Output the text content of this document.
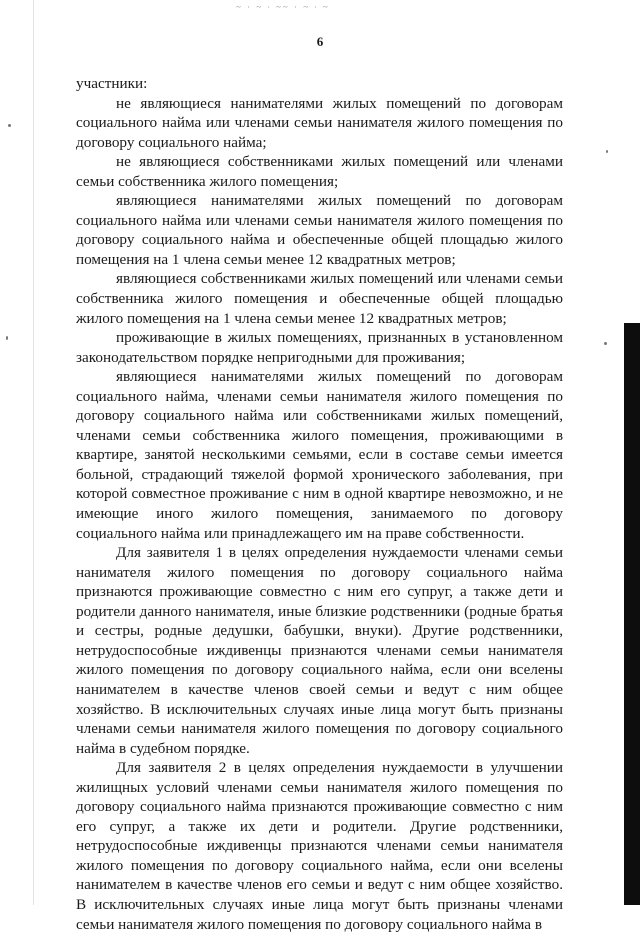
~ · ~ ∙ ~~ · ~ ∙ ~
6

участники:

не являющиеся нанимателями жилых помещений по договорам социального найма или членами семьи нанимателя жилого помещения по договору социального найма;

не являющиеся собственниками жилых помещений или членами семьи собственника жилого помещения;

являющиеся нанимателями жилых помещений по договорам социального найма или членами семьи нанимателя жилого помещения по договору социального найма и обеспеченные общей площадью жилого помещения на 1 члена семьи менее 12 квадратных метров;

являющиеся собственниками жилых помещений или членами семьи собственника жилого помещения и обеспеченные общей площадью жилого помещения на 1 члена семьи менее 12 квадратных метров;

проживающие в жилых помещениях, признанных в установленном законодательством порядке непригодными для проживания;

являющиеся нанимателями жилых помещений по договорам социального найма, членами семьи нанимателя жилого помещения по договору социального найма или собственниками жилых помещений, членами семьи собственника жилого помещения, проживающими в квартире, занятой несколькими семьями, если в составе семьи имеется больной, страдающий тяжелой формой хронического заболевания, при которой совместное проживание с ним в одной квартире невозможно, и не имеющие иного жилого помещения, занимаемого по договору социального найма или принадлежащего им на праве собственности.

Для заявителя 1 в целях определения нуждаемости членами семьи нанимателя жилого помещения по договору социального найма признаются проживающие совместно с ним его супруг, а также дети и родители данного нанимателя, иные близкие родственники (родные братья и сестры, родные дедушки, бабушки, внуки). Другие родственники, нетрудоспособные иждивенцы признаются членами семьи нанимателя жилого помещения по договору социального найма, если они вселены нанимателем в качестве членов своей семьи и ведут с ним общее хозяйство. В исключительных случаях иные лица могут быть признаны членами семьи нанимателя жилого помещения по договору социального найма в судебном порядке.

Для заявителя 2 в целях определения нуждаемости в улучшении жилищных условий членами семьи нанимателя жилого помещения по договору социального найма признаются проживающие совместно с ним его супруг, а также их дети и родители. Другие родственники, нетрудоспособные иждивенцы признаются членами семьи нанимателя жилого помещения по договору социального найма, если они вселены нанимателем в качестве членов его семьи и ведут с ним общее хозяйство. В исключительных случаях иные лица могут быть признаны членами семьи нанимателя жилого помещения по договору социального найма в
